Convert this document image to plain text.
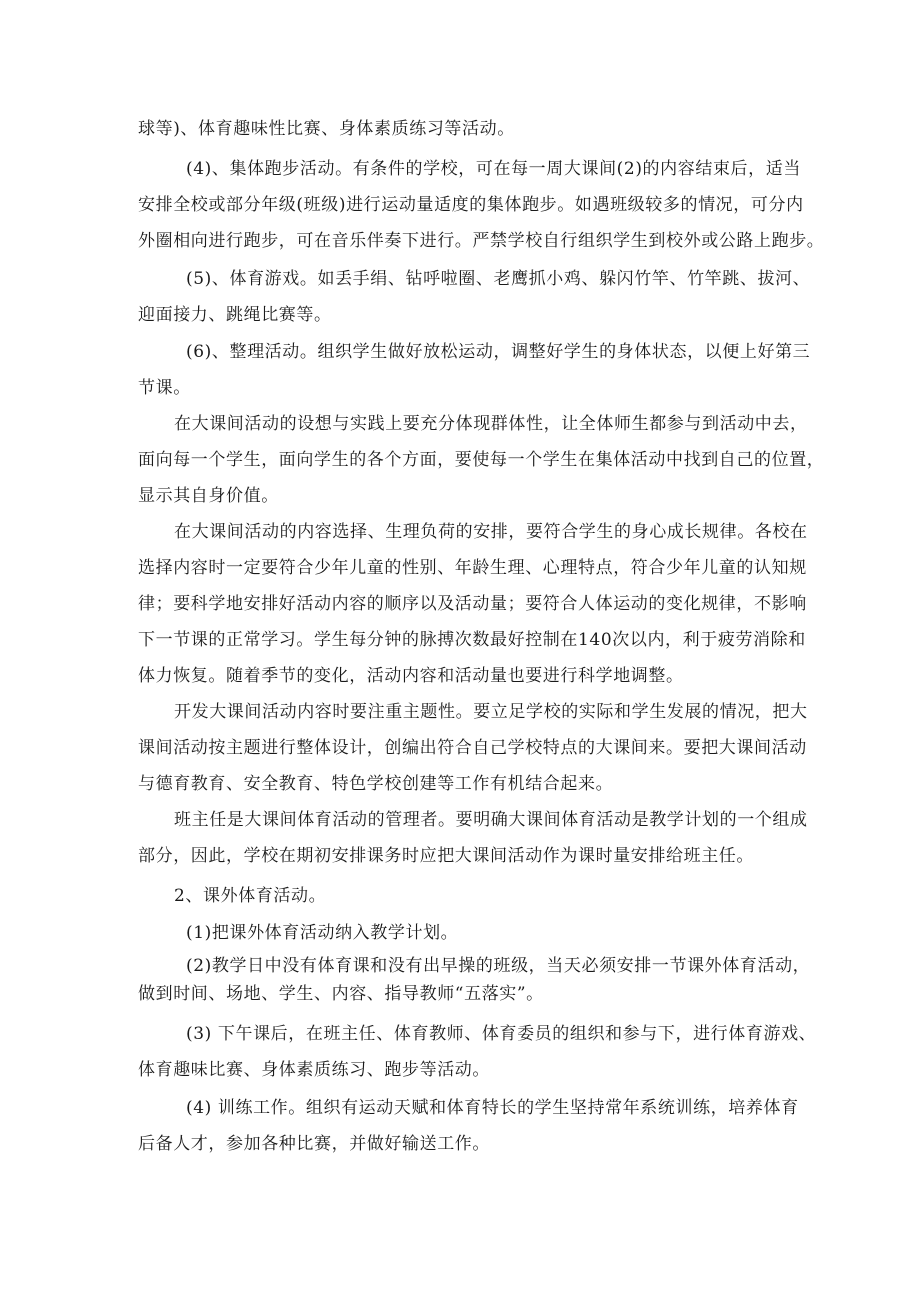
球等)、体育趣味性比赛、身体素质练习等活动。
(4)、集体跑步活动。有条件的学校，可在每一周大课间(2)的内容结束后，适当
安排全校或部分年级(班级)进行运动量适度的集体跑步。如遇班级较多的情况，可分内
外圈相向进行跑步，可在音乐伴奏下进行。严禁学校自行组织学生到校外或公路上跑步。
(5)、体育游戏。如丢手绢、钻呼啦圈、老鹰抓小鸡、躲闪竹竿、竹竿跳、拔河、
迎面接力、跳绳比赛等。
(6)、整理活动。组织学生做好放松运动，调整好学生的身体状态，以便上好第三
节课。
在大课间活动的设想与实践上要充分体现群体性，让全体师生都参与到活动中去，
面向每一个学生，面向学生的各个方面，要使每一个学生在集体活动中找到自己的位置，
显示其自身价值。
在大课间活动的内容选择、生理负荷的安排，要符合学生的身心成长规律。各校在
选择内容时一定要符合少年儿童的性别、年龄生理、心理特点，符合少年儿童的认知规
律；要科学地安排好活动内容的顺序以及活动量；要符合人体运动的变化规律，不影响
下一节课的正常学习。学生每分钟的脉搏次数最好控制在140次以内，利于疲劳消除和
体力恢复。随着季节的变化，活动内容和活动量也要进行科学地调整。
开发大课间活动内容时要注重主题性。要立足学校的实际和学生发展的情况，把大
课间活动按主题进行整体设计，创编出符合自己学校特点的大课间来。要把大课间活动
与德育教育、安全教育、特色学校创建等工作有机结合起来。
班主任是大课间体育活动的管理者。要明确大课间体育活动是教学计划的一个组成
部分，因此，学校在期初安排课务时应把大课间活动作为课时量安排给班主任。
2、课外体育活动。
(1)把课外体育活动纳入教学计划。
(2)教学日中没有体育课和没有出早操的班级，当天必须安排一节课外体育活动，
做到时间、场地、学生、内容、指导教师“五落实”。
(3) 下午课后，在班主任、体育教师、体育委员的组织和参与下，进行体育游戏、
体育趣味比赛、身体素质练习、跑步等活动。
(4) 训练工作。组织有运动天赋和体育特长的学生坚持常年系统训练，培养体育
后备人才，参加各种比赛，并做好输送工作。
